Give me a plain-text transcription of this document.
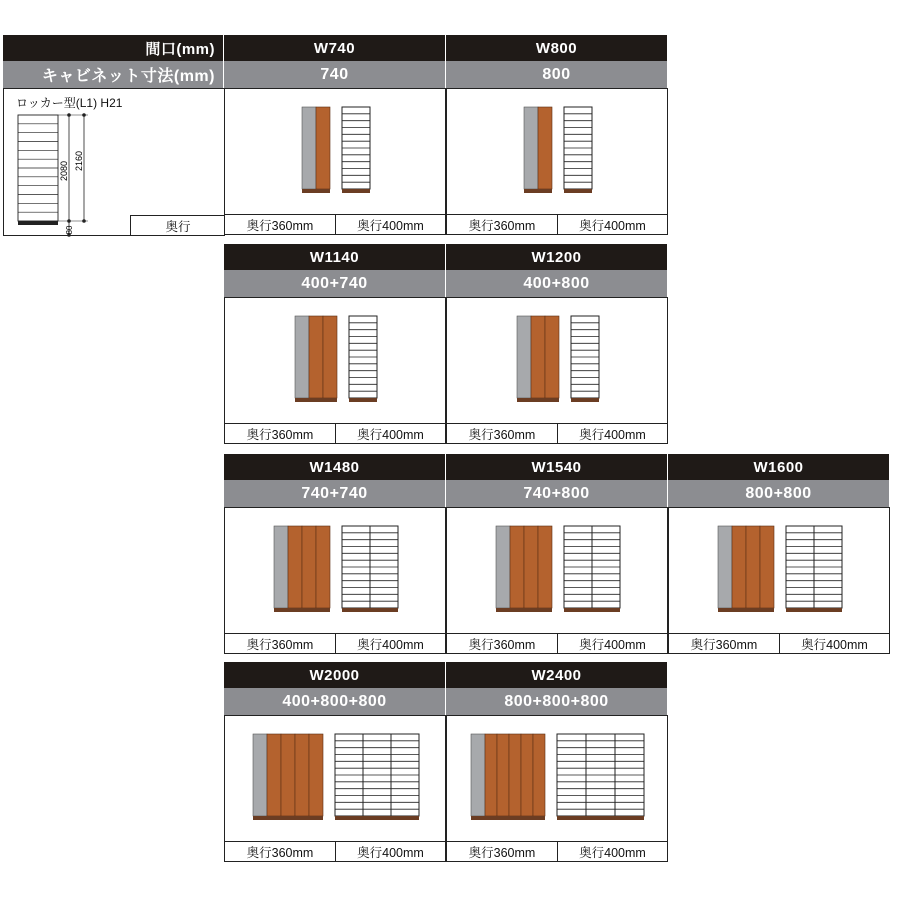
間口(mm)
キャビネット寸法(mm)
ロッカー型(L1) H21
2080 2160
80	奥行
W740
740
奥行360mm	奥行400mm
W800
800
奥行360mm	奥行400mm
W1140
400+740
奥行360mm	奥行400mm
W1200
400+800
奥行360mm	奥行400mm
W1480
740+740
奥行360mm	奥行400mm
W1540
740+800
奥行360mm	奥行400mm
W1600
800+800
奥行360mm	奥行400mm
W2000
400+800+800
奥行360mm	奥行400mm
W2400
800+800+800
奥行360mm	奥行400mm
